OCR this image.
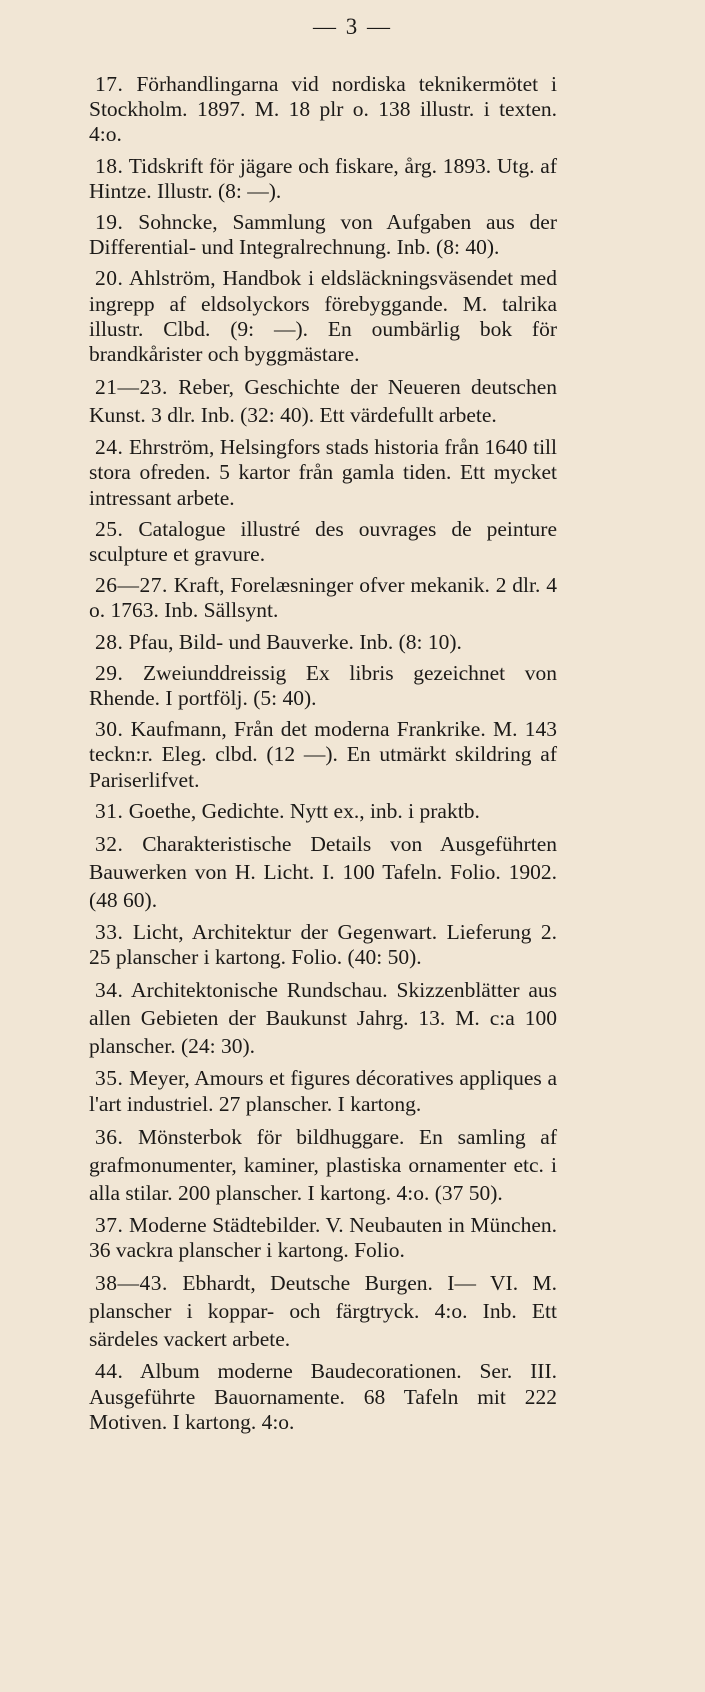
— 3 —

17. Förhandlingarna vid nordiska teknikermötet i Stockholm. 1897. M. 18 plr o. 138 illustr. i texten. 4:o.

18. Tidskrift för jägare och fiskare, årg. 1893. Utg. af Hintze. Illustr. (8: —).

19. Sohncke, Sammlung von Aufgaben aus der Differential- und Integralrechnung. Inb. (8: 40).

20. Ahlström, Handbok i eldsläckningsväsendet med ingrepp af eldsolyckors förebyggande. M. talrika illustr. Clbd. (9: —). En oumbärlig bok för brandkårister och byggmästare.

21—23. Reber, Geschichte der Neueren deutschen Kunst. 3 dlr. Inb. (32: 40). Ett värdefullt arbete.

24. Ehrström, Helsingfors stads historia från 1640 till stora ofreden. 5 kartor från gamla tiden. Ett mycket intressant arbete.

25. Catalogue illustré des ouvrages de peinture sculpture et gravure.

26—27. Kraft, Forelæsninger ofver mekanik. 2 dlr. 4 o. 1763. Inb. Sällsynt.

28. Pfau, Bild- und Bauverke. Inb. (8: 10).

29. Zweiunddreissig Ex libris gezeichnet von Rhende. I portfölj. (5: 40).

30. Kaufmann, Från det moderna Frankrike. M. 143 teckn:r. Eleg. clbd. (12 —). En utmärkt skildring af Pariserlifvet.

31. Goethe, Gedichte. Nytt ex., inb. i praktb.

32. Charakteristische Details von Ausgeführten Bauwerken von H. Licht. I. 100 Tafeln. Folio. 1902. (48 60).

33. Licht, Architektur der Gegenwart. Lieferung 2. 25 planscher i kartong. Folio. (40: 50).

34. Architektonische Rundschau. Skizzenblätter aus allen Gebieten der Baukunst Jahrg. 13. M. c:a 100 planscher. (24: 30).

35. Meyer, Amours et figures décoratives appliques a l'art industriel. 27 planscher. I kartong.

36. Mönsterbok för bildhuggare. En samling af grafmonumenter, kaminer, plastiska ornamenter etc. i alla stilar. 200 planscher. I kartong. 4:o. (37 50).

37. Moderne Städtebilder. V. Neubauten in München. 36 vackra planscher i kartong. Folio.

38—43. Ebhardt, Deutsche Burgen. I— VI. M. planscher i koppar- och färgtryck. 4:o. Inb. Ett särdeles vackert arbete.

44. Album moderne Baudecorationen. Ser. III. Ausgeführte Bauornamente. 68 Tafeln mit 222 Motiven. I kartong. 4:o.
